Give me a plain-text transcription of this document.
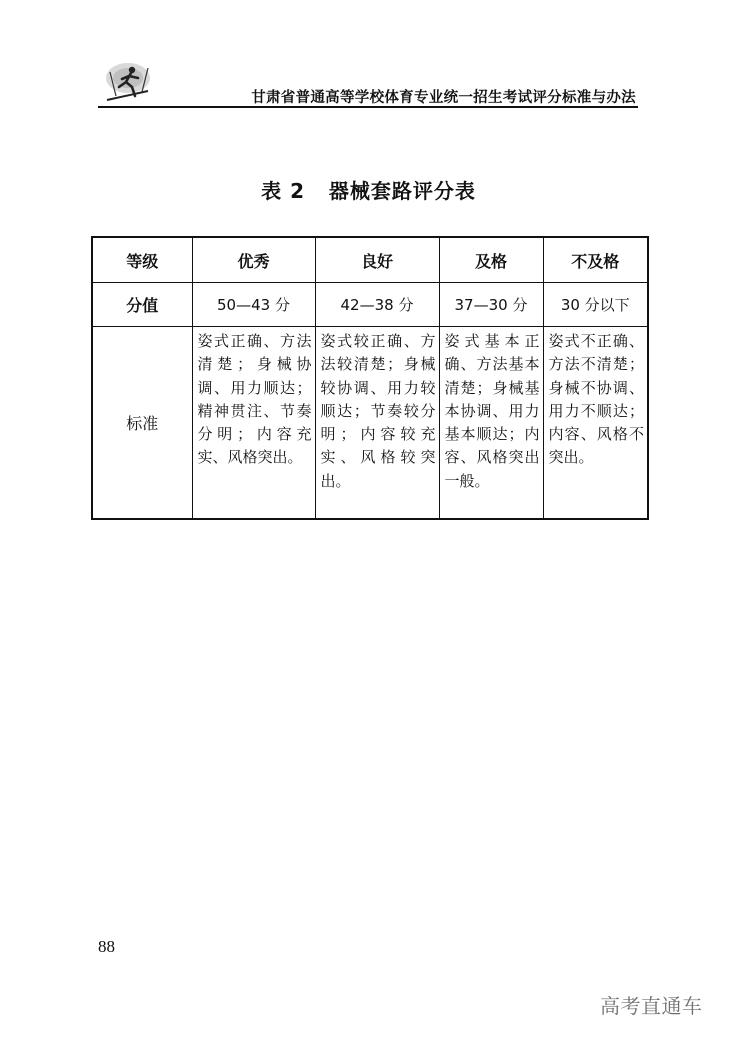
甘肃省普通高等学校体育专业统一招生考试评分标准与办法
表 2   器械套路评分表
等级	优秀	良好	及格	不及格
分值	50—43 分	42—38 分	37—30 分	30 分以下
标准	姿式正确、方法清楚；身械协调、用力顺达；精神贯注、节奏分明；内容充实、风格突出。	姿式较正确、方法较清楚；身械较协调、用力较顺达；节奏较分明；内容较充实、风格较突出。	姿式基本正确、方法基本清楚；身械基本协调、用力基本顺达；内容、风格突出一般。	姿式不正确、方法不清楚；身械不协调、用力不顺达；内容、风格不突出。
88
高考直通车
